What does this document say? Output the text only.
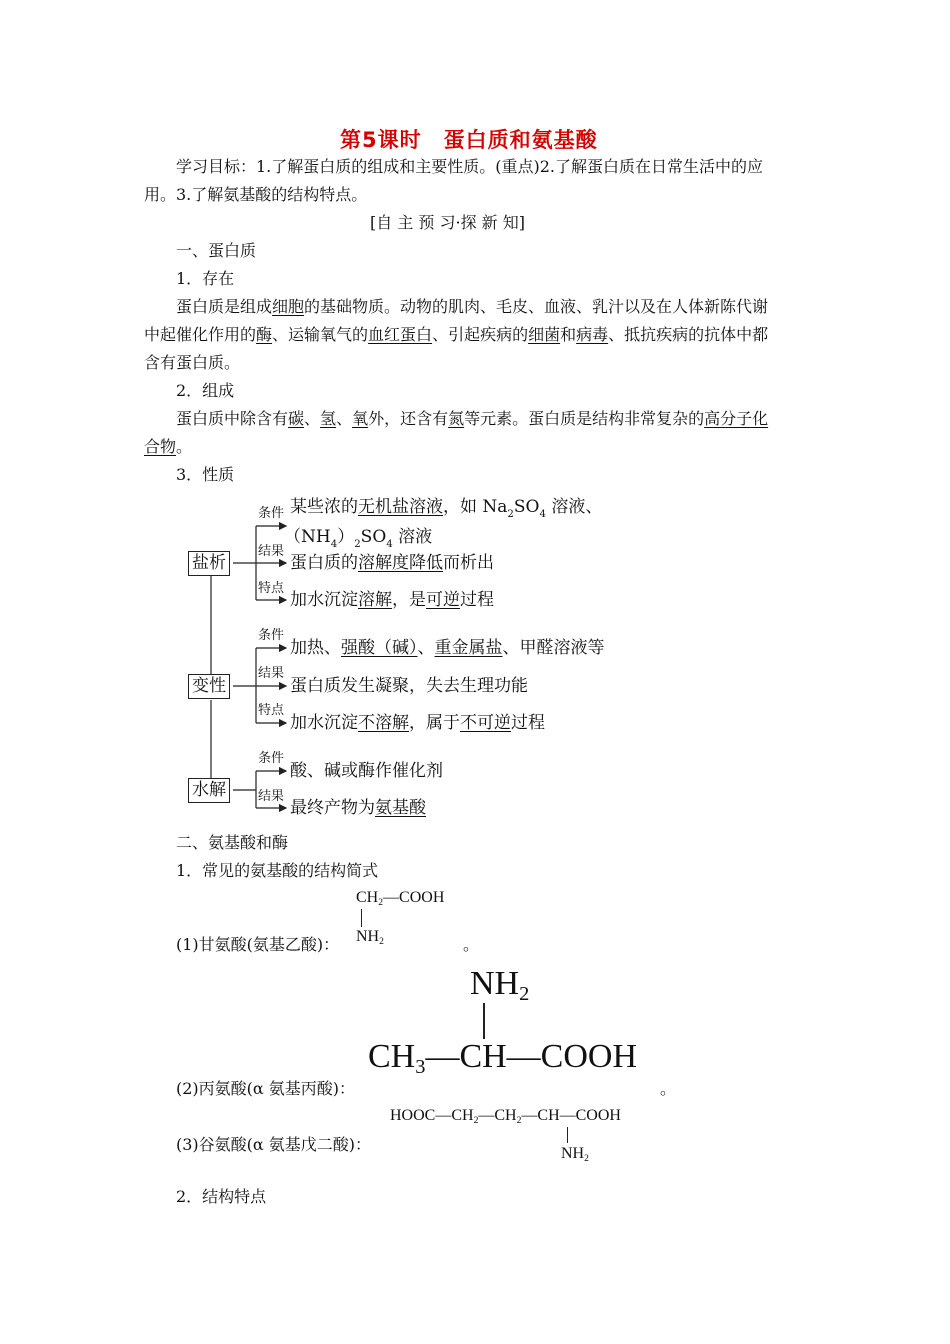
第5课时　蛋白质和氨基酸
学习目标：1.了解蛋白质的组成和主要性质。(重点)2.了解蛋白质在日常生活中的应
用。3.了解氨基酸的结构特点。
[自 主 预 习·探 新 知]
一、蛋白质
1．存在
蛋白质是组成细胞的基础物质。动物的肌肉、毛皮、血液、乳汁以及在人体新陈代谢
中起催化作用的酶、运输氧气的血红蛋白、引起疾病的细菌和病毒、抵抗疾病的抗体中都
含有蛋白质。
2．组成
蛋白质中除含有碳、氢、氧外，还含有氮等元素。蛋白质是结构非常复杂的高分子化
合物。
3．性质
盐析
条件 某些浓的无机盐溶液，如 $Na_2SO_4$ 溶液、
$(NH_4)_2SO_4$ 溶液
结果
蛋白质的溶解度降低而析出
特点
加水沉淀溶解，是可逆过程
变性
条件
加热、强酸（碱）、重金属盐、甲醛溶液等
结果
蛋白质发生凝聚，失去生理功能
特点
加水沉淀不溶解，属于不可逆过程
水解
条件
酸、碱或酶作催化剂
结果
最终产物为氨基酸
二、氨基酸和酶
1．常见的氨基酸的结构简式
$CH_2—COOH$
(1)甘氨酸(氨基乙酸)： $NH_2$	。
$NH_2$
$CH_3—CH—COOH$
(2)丙氨酸(α 氨基丙酸)：	。
$HOOC—CH_2—CH_2—CH—COOH$
(3)谷氨酸(α 氨基戊二酸)：	$NH_2$
2．结构特点
